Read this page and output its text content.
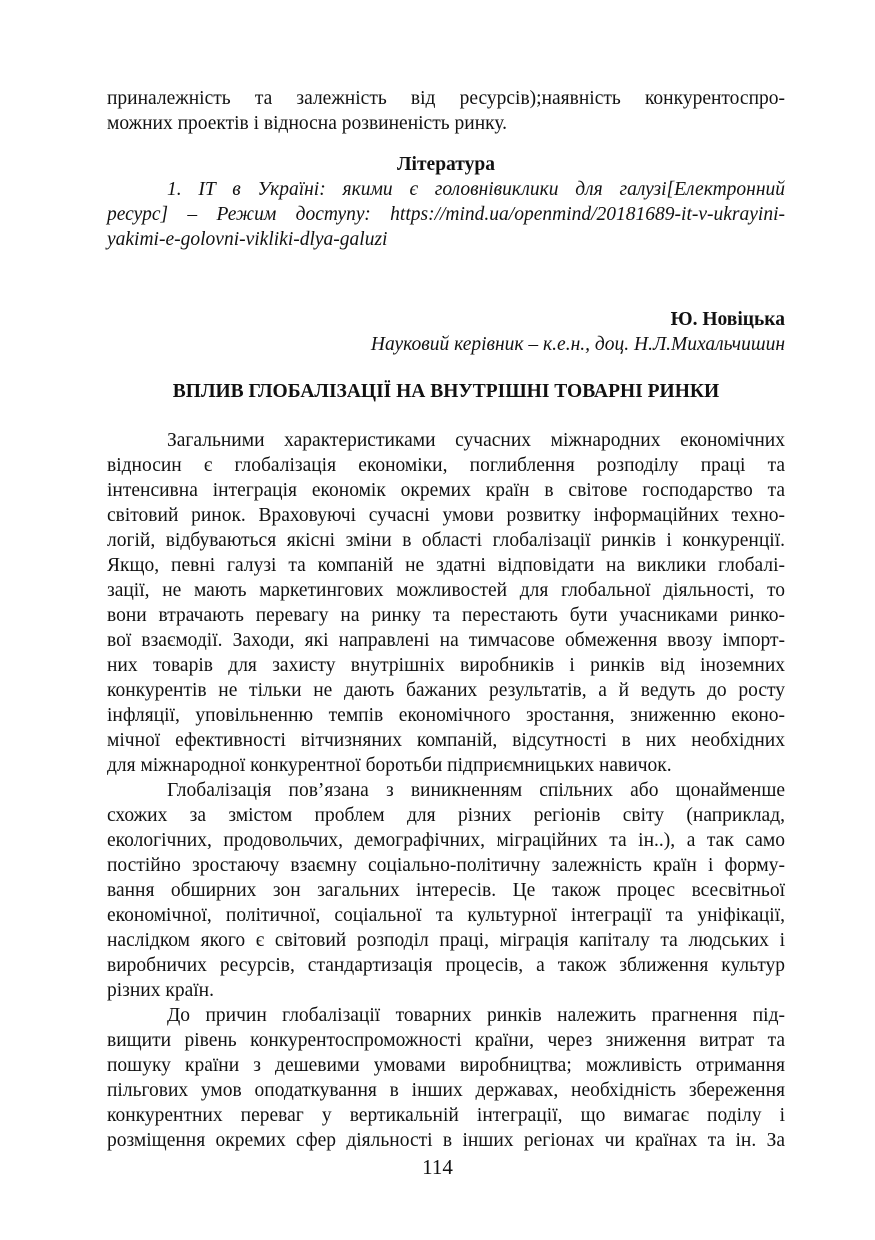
приналежність та залежність від ресурсів);наявність конкурентоспро-
можних проектів і відносна розвиненість ринку.
Література
1. IT в Україні: якими є головнівиклики для галузі[Електронний
ресурс] – Режим доступу: https://mind.ua/openmind/20181689-it-v-ukrayini-
yakimi-e-golovni-vikliki-dlya-galuzi
Ю. Новіцька
Науковий керівник – к.е.н., доц. Н.Л.Михальчишин
ВПЛИВ ГЛОБАЛІЗАЦІЇ НА ВНУТРІШНІ ТОВАРНІ РИНКИ
Загальними характеристиками сучасних міжнародних економічних
відносин є глобалізація економіки, поглиблення розподілу праці та
інтенсивна інтеграція економік окремих країн в світове господарство та
світовий ринок. Враховуючі сучасні умови розвитку інформаційних техно-
логій, відбуваються якісні зміни в області глобалізації ринків і конкуренції.
Якщо, певні галузі та компаній не здатні відповідати на виклики глобалі-
зації, не мають маркетингових можливостей для глобальної діяльності, то
вони втрачають перевагу на ринку та перестають бути учасниками ринко-
вої взаємодії. Заходи, які направлені на тимчасове обмеження ввозу імпорт-
них товарів для захисту внутрішніх виробників і ринків від іноземних
конкурентів не тільки не дають бажаних результатів, а й ведуть до росту
інфляції, уповільненню темпів економічного зростання, зниженню еконо-
мічної ефективності вітчизняних компаній, відсутності в них необхідних
для міжнародної конкурентної боротьби підприємницьких навичок.
Глобалізація пов’язана з виникненням спільних або щонайменше
схожих за змістом проблем для різних регіонів світу (наприклад,
екологічних, продовольчих, демографічних, міграційних та ін..), а так само
постійно зростаючу взаємну соціально-політичну залежність країн і форму-
вання обширних зон загальних інтересів. Це також процес всесвітньої
економічної, політичної, соціальної та культурної інтеграції та уніфікації,
наслідком якого є світовий розподіл праці, міграція капіталу та людських і
виробничих ресурсів, стандартизація процесів, а також зближення культур
різних країн.
До причин глобалізації товарних ринків належить прагнення під-
вищити рівень конкурентоспроможності країни, через зниження витрат та
пошуку країни з дешевими умовами виробництва; можливість отримання
пільгових умов оподаткування в інших державах, необхідність збереження
конкурентних переваг у вертикальній інтеграції, що вимагає поділу і
розміщення окремих сфер діяльності в інших регіонах чи країнах та ін. За
114
